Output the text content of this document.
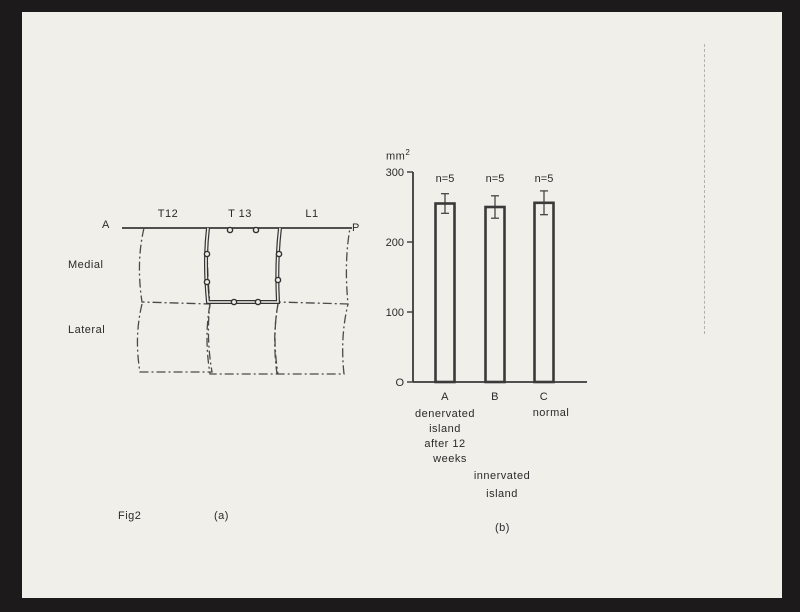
A	P
T12	T 13	L1
Medial
Lateral
$mm^2$
O
100
200
300	n=5	n=5	n=5
A	B	C
denervated
island
after 12
weeks
innervated
island
normal
Fig2	(a)
(b)
